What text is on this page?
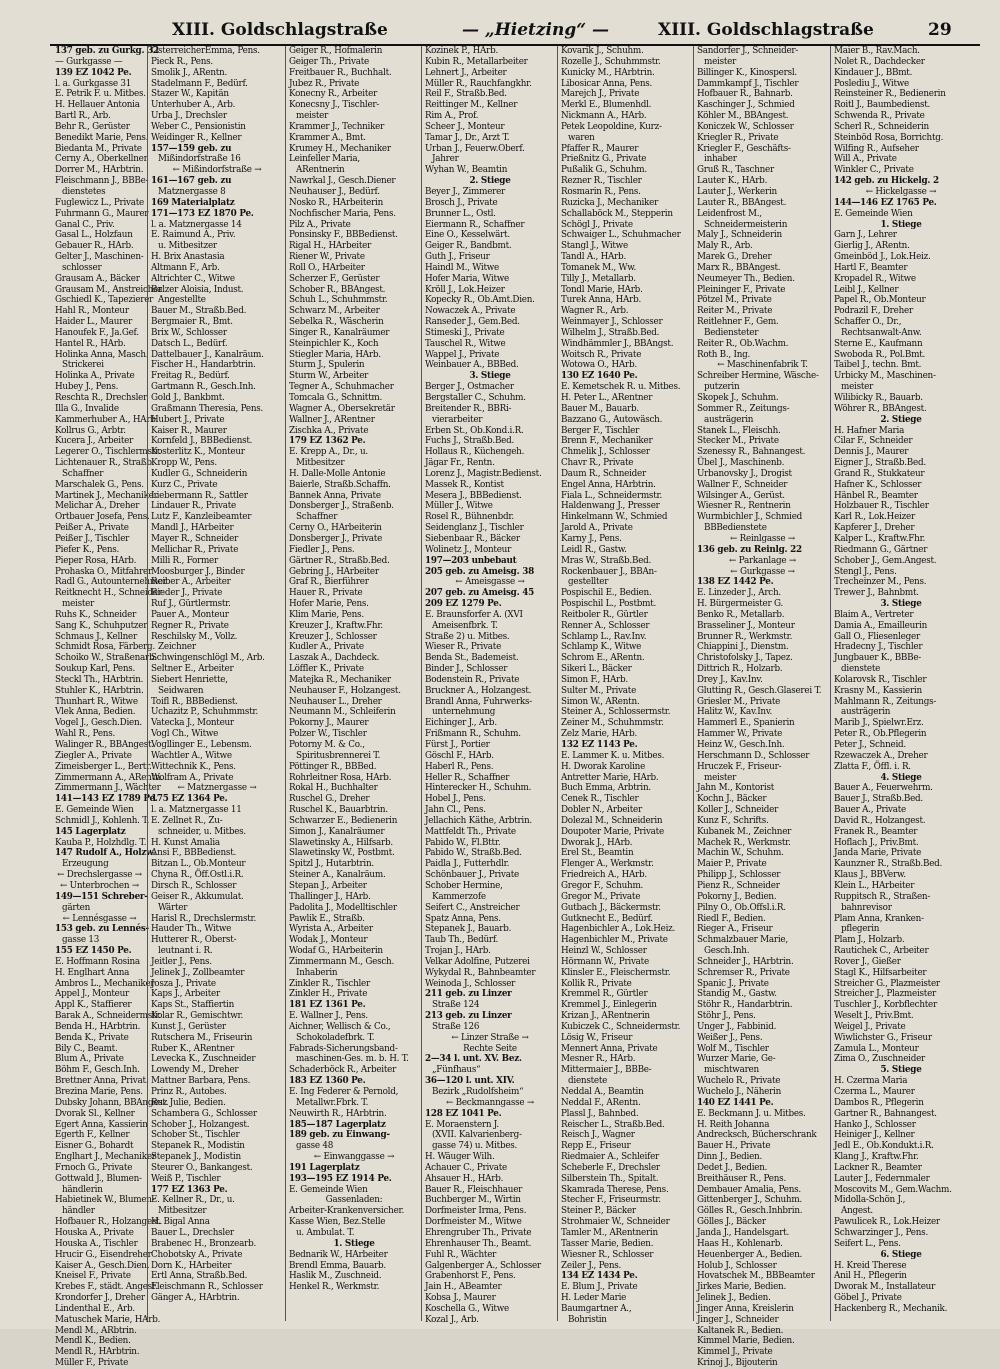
XIII. Goldschlagstraße	— „Hietzing“ —	XIII. Goldschlagstraße	29
137 geb. zu Gurkg. 32
— Gurkgasse —
139 EZ 1042 Pe.
l. a. Gurkgasse 31
E. Petrik F. u. Mitbes.
H. Hellauer Antonia
Bartl R., Arb.
Behr R., Gerüster
Benedikt Marie, Pens.
Biedanta M., Private
Cerny A., Oberkellner
Dorrer M., HArbtrin.
Fleischmann J., BBBe-
dienstetes
Fuglewicz L., Private
Fuhrmann G., Maurer
Ganal C., Priv.
Gasal L., Holzfaun
Gebauer R., HArb.
Gelter J., Maschinen-
schlosser
Grausam A., Bäcker
Grausam M., Anstreicher
Gschiedl K., Tapezierer
Hahl R., Monteur
Haider L., Maurer
Hanoufek F., Ja.Gef.
Hantel R., HArb.
Holinka Anna, Masch.
Strickerei
Holinka A., Private
Hubey J., Pens.
Reschta R., Drechsler
Illa G., Invalide
Kammerhuber A., HArb.
Kollrus G., Arbtr.
Kucera J., Arbeiter
Legerer O., Tischlermstr.
Lichtenauer R., Straßb.
Schaffner
Marschalek G., Pens.
Martinek J., Mechaniker
Melichar A., Dreher
Ortbauer Josefa, Pens.
Peißer A., Private
Peißer J., Tischler
Piefer K., Pens.
Pieper Rosa, HArb.
Prohaska O., Mitfahrer
Radl G., Autounternehmer
Reitknecht H., Schneider-
meister
Ruhs K., Schneider
Sang K., Schuhputzer
Schmaus J., Kellner
Schmidt Rosa, Färberg.
Schoiko W., Straßenarb.
Soukup Karl, Pens.
Steckl Th., HArbtrin.
Stuhler K., HArbtrin.
Thunhart R., Witwe
Vlek Anna, Bedien.
Vogel J., Gesch.Dien.
Wahl R., Pens.
Walinger R., BBAngest.
Ziegler A., Private
Zimeisberger L., Bertr.
Zimmermann A., ARentn.
Zimmermann J., Wächter
141—143 EZ 1789 Pe.
E. Gemeinde Wien
Schmidl J., Kohlenh. T.
145 Lagerplatz
Kauba P., Holzhdlg. T.
147 Rudolf A., Holzw.
Erzeugung
← Drechslergasse →
← Unterbrochen →
149—151 Schreber-
gärten
← Lennésgasse →
153 geb. zu Lennés-
gasse 13
155 EZ 1450 Pe.
E. Hoffmann Rosina
H. Englhart Anna
Ambros L., Mechaniker
Appel J., Monteur
Appl K., Staffierer
Barak A., Schneidermstr.
Benda H., HArbtrin.
Benda K., Private
Bily C., Beamt.
Blum A., Private
Böhm F., Gesch.Inh.
Brettner Anna, Privat.
Brezina Marie, Pens.
Dubsky Johann, BBAngest.
Dvorak Sl., Kellner
Egert Anna, Kassierin
Egerth F., Kellner
Eisner G., Bohardt
Englhart J., Mechaniker
Frnoch G., Private
Gottwald J., Blumen-
händlerin
Habietinek W., Blumen-
händler
Hofbauer R., Holzangest.
Houska A., Private
Houska A., Tischler
Hrucir G., Eisendreher
Kaiser A., Gesch.Dien.
Kneisel F., Private
Krebes F., städt. Angest.
Krondorfer J., Dreher
Lindenthal E., Arb.
Matuschek Marie, HArb.
Mendl M., ARbtrin.
Mendl K., Bedien.
Mendl R., HArbtrin.
Müller F., Private
ÖsterreicherEmma, Pens.
Pieck R., Pens.
Smolik J., ARentn.
Stadelmann F., Bedürf.
Stazer W., Kapitän
Unterhuber A., Arb.
Urba J., Drechsler
Weber C., Pensionistin
Weidinger R., Kellner
157—159 geb. zu
Mißindorfstraße 16
← Mißindorfstraße →
161—167 geb. zu
Matznergasse 8
169 Materialplatz
171—173 EZ 1870 Pe.
l. a. Matznergasse 14
E. Raimund A., Priv.
u. Mitbesitzer
H. Brix Anastasia
Altmann F., Arb.
Altrichter C., Witwe
Balzer Aloisia, Indust.
Angestellte
Bauer M., Straßb.Bed.
Bergmaier R., Bmt.
Brix W., Schlosser
Datsch L., Bedürf.
Dattelbauer J., Kanalräum.
Fischer H., Handarbtrin.
Freitag R., Bedürf.
Gartmann R., Gesch.Inh.
Gold J., Bankbmt.
Graßmann Theresia, Pens.
Hubert J., Private
Kaiser R., Maurer
Kornfeld J., BBBedienst.
Kosterlitz K., Monteur
Kropp W., Pens.
Kudler G., Schneiderin
Kurz C., Private
Liebermann R., Sattler
Lindauer R., Private
Lutz F., Kanzleibeamter
Mandl J., HArbeiter
Mayer R., Schneider
Mellichar R., Private
Milli R., Former
Moosburger J., Binder
Reiber A., Arbeiter
Rieder J., Private
Ruf J., Gürtlermstr.
Pauer A., Monteur
Regner R., Private
Reschilsky M., Vollz.
Zeichner
Schwingenschlögl M., Arb.
Seltner E., Arbeiter
Siebert Henriette,
Seidwaren
Toifl R., BBBedienst.
Uchazitz P., Schuhmmstr.
Vatecka J., Monteur
Vogl Ch., Witwe
Vogllinger E., Lebensm.
Wachtler A., Witwe
Wittechnik K., Pens.
Wolfram A., Private
← Matznergasse →
175 EZ 1364 Pe.
l. a. Matznergasse 11
E. Zellnet R., Zu-
schneider, u. Mitbes.
H. Kunst Amalia
Ansi F., BBBedienst.
Bitzan L., Ob.Monteur
Chyna R., Öff.Ostl.i.R.
Dirsch R., Schlosser
Geiser R., Akkumulat.
Wärter
Harisl R., Drechslermstr.
Hauder Th., Witwe
Hutterer R., Oberst-
leutnant i. R.
Jeitler J., Pens.
Jelinek J., Zollbeamter
Josza J., Private
Kaps J., Arbeiter
Kaps St., Staffiertin
Kolar R., Gemischtwr.
Kunst J., Gerüster
Rutschera M., Friseurin
Ruber K., ARentner
Levecka K., Zuschneider
Lowendy M., Dreher
Mattner Barbara, Pens.
Prinz R., Autobes.
Ruz Julie, Bedien.
Schambera G., Schlosser
Schober J., Holzangest.
Schober St., Tischler
Stepanek R., Modistin
Stepanek J., Modistin
Steurer O., Bankangest.
Weiß P., Tischler
177 EZ 1363 Pe.
E. Kellner R., Dr., u.
Mitbesitzer
H. Bigal Anna
Bauer L., Drechsler
Brabenec H., Bronzearb.
Chobotsky A., Private
Dorn K., HArbeiter
Ertl Anna, Straßb.Bed.
Fleischmann R., Schlosser
Gänger A., HArbtrin.
Geiger R., Hofmalerin
Geiger Th., Private
Freitbauer R., Buchhalt.
Jubez R., Private
Konecny R., Arbeiter
Konecsny J., Tischler-
meister
Krammer J., Techniker
Krammer A., Bmt.
Krumey H., Mechaniker
Leinfeller Maria,
ARentnerin
Nawrkal J., Gesch.Diener
Neuhauser J., Bedürf.
Nosko R., HArbeiterin
Nochfischer Maria, Pens.
Pilz A., Private
Ponsinsky F., BBBedienst.
Rigal H., HArbeiter
Riener W., Private
Roll O., HArbeiter
Scherzer F., Gerüster
Schober R., BBAngest.
Schuh L., Schuhmmstr.
Schwarz M., Arbeiter
Sebelka R., Wäscherin
Singer R., Kanalräumer
Steinpichler K., Koch
Stiegler Maria, HArb.
Sturm J., Spulerin
Sturm W., Arbeiter
Tegner A., Schuhmacher
Tomcala G., Schnittm.
Wagner A., Obersekretär
Wallner J., ARentner
Zischka A., Private
179 EZ 1362 Pe.
E. Krepp A., Dr., u.
Mitbesitzer
H. Dalle-Molle Antonie
Baierle, Straßb.Schaffn.
Bannek Anna, Private
Donsberger J., Straßenb.
Schaffner
Cerny O., HArbeiterin
Donsberger J., Private
Fiedler J., Pens.
Gärtner R., Straßb.Bed.
Gebring J., HArbeiter
Graf R., Bierführer
Hauer R., Private
Hofer Marie, Pens.
Klim Marie, Pens.
Kreuzer J., Kraftw.Fhr.
Kreuzer J., Schlosser
Kudler A., Private
Laszak A., Dachdeck.
Löffler K., Private
Matejka R., Mechaniker
Neuhauser F., Holzangest.
Neuhauser L., Dreher
Neumann M., Schleiferin
Pokorny J., Maurer
Polzer W., Tischler
Potorny M. & Co.,
Spiritusbrennerei T.
Pöttinger R., BBBed.
Rohrleitner Rosa, HArb.
Rokal H., Buchhalter
Ruschel G., Dreher
Ruschel K., Bauarbtrin.
Schwarzer E., Bedienerin
Simon J., Kanalräumer
Slawetinsky A., Hilfsarb.
Slawetinsky W., Postbmt.
Spitzl J., Hutarbtrin.
Steiner A., Kanalräum.
Stepan J., Arbeiter
Thallinger J., HArb.
Padolita J., Modelltischler
Pawlik E., Straßb.
Wyrista A., Arbeiter
Wodak J., Monteur
Wodaf G., HArbeiterin
Zimmermann M., Gesch.
Inhaberin
Zinkler R., Tischler
Zinkler H., Private
181 EZ 1361 Pe.
E. Wallner J., Pens.
Aichner, Wellisch & Co.,
Schokoladefbrk. T.
Fabrads-Sicherungsband-
maschinen-Ges. m. b. H. T.
Schaderböck R., Arbeiter
183 EZ 1360 Pe.
E. Ing Federer & Pernold,
Metallwr.Fbrk. T.
Neuwirth R., HArbtrin.
185—187 Lagerplatz
189 geb. zu Einwang-
gasse 48
← Einwanggasse →
191 Lagerplatz
193—195 EZ 1914 Pe.
E. Gemeinde Wien
Gassenladen:
Arbeiter-Krankenversicher.
Kasse Wien, Bez.Stelle
u. Ambulat. T.
1. Stiege
Bednarik W., HArbeiter
Brendl Emma, Bauarb.
Haslik M., Zuschneid.
Henkel R., Werkmstr.
Kozinek P., HArb.
Kubin R., Metallarbeiter
Lehnert J., Arbeiter
Müller R., Rauchfangkhr.
Reil F., Straßb.Bed.
Reittinger M., Kellner
Rim A., Prof.
Scheer J., Monteur
Tamar J., Dr., Arzt T.
Urban J., Feuerw.Oberf.
Jahrer
Wyhan W., Beamtin
2. Stiege
Beyer J., Zimmerer
Brosch J., Private
Brunner L., Ostl.
Eiermann R., Schaffner
Eine O., Kesselwärt.
Geiger R., Bandbmt.
Guth J., Friseur
Haindl M., Witwe
Hofer Maria, Witwe
Kröll J., Lok.Heizer
Kopecky R., Ob.Amt.Dien.
Nowaczek A., Private
Ranseder J., Gem.Bed.
Stimeski J., Private
Tauschel R., Witwe
Wappel J., Private
Weinbauer A., BBBed.
3. Stiege
Berger J., Ostmacher
Bergstaller C., Schuhm.
Breitender R., BBRi-
vierarbeiter
Erben St., Ob.Kond.i.R.
Fuchs J., Straßb.Bed.
Hollaus R., Küchengeh.
Jägar Fr., Rentn.
Lorenz J., Magistr.Bedienst.
Massek R., Kontist
Mesera J., BBBedienst.
Müller J., Witwe
Rosel R., Bühnenbdr.
Seidenglanz J., Tischler
Siebenbaar R., Bäcker
Wolinetz J., Monteur
197—203 unbebaut
205 geb. zu Ameisg. 38
← Ameisgasse →
207 geb. zu Ameisg. 45
209 EZ 1279 Pe.
E. Braunsforfer A. (XVI
Ameisenfbrk. T.
Straße 2) u. Mitbes.
Wieser R., Private
Benda St., Bademeist.
Binder J., Schlosser
Bodenstein R., Private
Bruckner A., Holzangest.
Brandl Anna, Fuhrwerks-
unternehmung
Eichinger J., Arb.
Frißmann R., Schuhm.
Fürst J., Portier
Göschl F., HArb.
Haberl R., Pens.
Heller R., Schaffner
Hinterecker H., Schuhm.
Hobel J., Pens.
Jahn Cl., Pens.
Jellachich Käthe, Arbtrin.
Mattfeldt Th., Private
Pabido W., Fl.Bttr.
Pabido W., Straßb.Bed.
Paidla J., Futterhdlr.
Schönbauer J., Private
Schober Hermine,
Kammerzofe
Seifert C., Anstreicher
Spatz Anna, Pens.
Stepanek J., Bauarb.
Taub Th., Bedürf.
Trojan J., HArb.
Velkar Adolfine, Putzerei
Wykydal R., Bahnbeamter
Weinoda J., Schlosser
211 geb. zu Linzer
Straße 124
213 geb. zu Linzer
Straße 126
← Linzer Straße →
Rechte Seite
2—34 l. unt. XV. Bez.
„Fünfhaus“
36—120 l. unt. XIV.
Bezirk „Rudolfsheim“
← Beckmanngasse →
128 EZ 1041 Pe.
E. Moraenstern J.
(XVII. Kalvarienberg-
gasse 74) u. Mitbes.
H. Wäuger Wilh.
Achauer C., Private
Ahsauer H., HArb.
Bauer R., Fleischhauer
Buchberger M., Wirtin
Dorfmeister Irma, Pens.
Dorfmeister M., Witwe
Ehrengruber Th., Private
Ehrenhauser Th., Beamt.
Fuhl R., Wächter
Galgenberger A., Schlosser
Grabenhorst F., Pens.
Jain H., ABeamter
Kobsa J., Maurer
Koschella G., Witwe
Kozal J., Arb.
Kovarik J., Schuhm.
Rozelle J., Schuhmmstr.
Kunicky M., HArbtrin.
Libosicar Anna, Pens.
Marejch J., Private
Merkl E., Blumenhdl.
Nickmann A., HArb.
Petek Leopoldine, Kurz-
waren
Pfaffer R., Maurer
Prießnitz G., Private
Pußalik G., Schuhm.
Rezner R., Tischler
Rosmarin R., Pens.
Ruzicka J., Mechaniker
Schallaböck M., Stepperin
Schögl J., Private
Schwaiger L., Schuhmacher
Stangl J., Witwe
Tandl A., HArb.
Tomanek M., Ww.
Tilly J., Metallarb.
Tondl Marie, HArb.
Turek Anna, HArb.
Wagner R., Arb.
Weinmayer J., Schlosser
Wilhelm J., Straßb.Bed.
Windhämmler J., BBAngst.
Woitsch R., Private
Wotowa O., HArb.
130 EZ 1640 Pe.
E. Kemetschek R. u. Mitbes.
H. Peter L., ARentner
Bauer M., Bauarb.
Bazzano G., Autowäsch.
Berger F., Tischler
Brenn F., Mechaniker
Chmelik J., Schlosser
Chavr R., Private
Daum R., Schneider
Engel Anna, HArbtrin.
Fiala L., Schneidermstr.
Haldenwang J., Presser
Hinkelmann W., Schmied
Jarold A., Private
Karny J., Pens.
Leidl R., Gastw.
Mras W., Straßb.Bed.
Rockenbauer J., BBAn-
gestellter
Pospischil E., Bedien.
Pospischil L., Postbmt.
Reitboler R., Gürtler
Renner A., Schlosser
Schlamp L., Rav.Inv.
Schlamp K., Witwe
Schrom E., ARentn.
Sikeri L., Bäcker
Simon F., HArb.
Sulter M., Private
Simon W., ARentn.
Steiner A., Schlossermstr.
Zeiner M., Schuhmmstr.
Zelz Marie, HArb.
132 EZ 1143 Pe.
E. Lammer K. u. Mitbes.
H. Dworak Karoline
Antretter Marie, HArb.
Buch Emma, Arbtrin.
Cenek R., Tischler
Dobler N., Arbeiter
Dolezal M., Schneiderin
Doupoter Marie, Private
Dworak J., HArb.
Erel St., Beamtin
Flenger A., Werkmstr.
Friedreich A., HArb.
Gregor F., Schuhm.
Gregor M., Private
Gutbach J., Bäckermstr.
Gutknecht E., Bedürf.
Hagenbichler A., Lok.Heiz.
Hagenbichler M., Private
Heinzl W., Schlosser
Hörmann W., Private
Klinsler E., Fleischermstr.
Kollik R., Private
Kremmel R., Gürtler
Kremmel J., Einlegerin
Krizan J., ARentnerin
Kubiczek C., Schneidermstr.
Lösig W., Friseur
Mennert Anna, Private
Mesner R., HArb.
Mittermaier J., BBBe-
dienstete
Neddal A., Beamtin
Neddal F., ARentn.
Plassl J., Bahnbed.
Reischer L., Straßb.Bed.
Reisch J., Wagner
Repp E., Friseur
Riedmaier A., Schleifer
Scheberle F., Drechsler
Silberstein Th., Spitalt.
Skamrada Therese, Pens.
Stecher F., Friseurmstr.
Steiner P., Bäcker
Strohmaier W., Schneider
Tamler M., ARentnerin
Tasser Marie, Bedien.
Wiesner R., Schlosser
Zeiler J., Pens.
134 EZ 1434 Pe.
E. Blum J., Private
H. Leder Marie
Baumgartner A.,
Bohristin
Sandorfer J., Schneider-
meister
Billinger K., Kinospersl.
Dammkampf J., Tischler
Hofbauer R., Bahnarb.
Kaschinger J., Schmied
Köhler M., BBAngest.
Koniczek W., Schlosser
Kriegler R., Private
Kriegler F., Geschäfts-
inhaber
Gruß R., Taschner
Lauter K., HArb.
Lauter J., Werkerin
Lauter R., BBAngest.
Leidenfrost M.,
Schneidermeisterin
Maly J., Schneiderin
Maly R., Arb.
Marek G., Dreher
Marx R., BBAngest.
Neumeyer Th., Bedien.
Pleininger F., Private
Pötzel M., Private
Reiter M., Private
Reitlehner F., Gem.
Bediensteter
Reiter R., Ob.Wachm.
Roth B., Ing.
← Maschinenfabrik T.
Schreiber Hermine, Wäsche-
putzerin
Skopek J., Schuhm.
Sommer R., Zeitungs-
austrägerin
Stanek L., Fleischh.
Stecker M., Private
Szenessy R., Bahnangest.
Übel J., Maschinenb.
Urbanovsky J., Drogist
Wallner F., Schneider
Wilsinger A., Gerüst.
Wiesner R., Rentnerin
Wurmbichler J., Schmied
BBBedienstete
← Reinlgasse →
136 geb. zu Reinlg. 22
← Parkanlage →
← Gurkgasse →
138 EZ 1442 Pe.
E. Linzeder J., Arch.
H. Bürgermeister G.
Benko R., Metallarb.
Brasseliner J., Monteur
Brunner R., Werkmstr.
Chiappini J., Dienstm.
Christofolsky J., Tapez.
Dittrich R., Holzarb.
Drey J., Kav.Inv.
Glutting R., Gesch.Glaserei T.
Griesler M., Private
Halitz W., Kav.Inv.
Hammerl E., Spanierin
Hammer W., Private
Heinz W., Gesch.Inh.
Herschmann D., Schlosser
Hruczek F., Friseur-
meister
Jahn M., Kontorist
Kochn J., Bäcker
Koller J., Schneider
Kunz F., Schrifts.
Kubanek M., Zeichner
Machek R., Werkmstr.
Machin W., Schuhm.
Maier P., Private
Philipp J., Schlosser
Pienz R., Schneider
Pokorny J., Bedien.
Pilny O., Ob.Offsl.i.R.
Riedl F., Bedien.
Rieger A., Friseur
Schmalzbauer Marie,
Gesch.Inh.
Schneider J., HArbtrin.
Schremser R., Private
Spanic J., Private
Standig M., Gastw.
Stöhr R., Handarbtrin.
Stöhr J., Pens.
Unger J., Fabbinid.
Weißer J., Pens.
Wolf M., Tischler
Wurzer Marie, Ge-
mischtwaren
Wuchelo R., Private
Wuchelo J., Näherin
140 EZ 1441 Pe.
E. Beckmann J. u. Mitbes.
H. Reith Johanna
Andrecksch, Bücherschrank
Bauer H., Private
Dinn J., Bedien.
Dedet J., Bedien.
Breithäuser R., Pens.
Dembauer Amalia, Pens.
Gittenberger J., Schuhm.
Gölles R., Gesch.Inhbrin.
Gölles J., Bäcker
Janda J., Handelsgart.
Haas H., Kohlenarb.
Heuenberger A., Bedien.
Holub J., Schlosser
Hovatschek M., BBBeamter
Jirkes Marie, Bedien.
Jelinek J., Bedien.
Jinger Anna, Kreislerin
Jinger J., Schneider
Kaltanek R., Bedien.
Kimmel Marie, Bedien.
Kimmel J., Private
Krinoj J., Bijouterin
Maier B., Rav.Mach.
Nolet R., Dachdecker
Kindauer J., BBmt.
Poslediu J., Witwe
Reinsteiner R., Bedienerin
Roitl J., Baumbedienst.
Schwenda R., Private
Scherl R., Schneiderin
Steinböd Rosa, Borrichtg.
Wilfing R., Aufseher
Will A., Private
Winkler C., Private
142 geb. zu Hickelg. 2
← Hickelgasse →
144—146 EZ 1765 Pe.
E. Gemeinde Wien
1. Stiege
Garn J., Lehrer
Gierlig J., ARentn.
Gmeinböd J., Lok.Heiz.
Hartl F., Beamter
Kropadel R., Witwe
Leibl J., Kellner
Papel R., Ob.Monteur
Podrazil F., Dreher
Schaffer O., Dr.,
Rechtsanwalt-Anw.
Sterne E., Kaufmann
Swoboda R., Pol.Bmt.
Taibel J., techn. Bmt.
Urbicky M., Maschinen-
meister
Wilibicky R., Bauarb.
Wöhrer R., BBAngest.
2. Stiege
H. Hafner Maria
Cilar F., Schneider
Dennis J., Maurer
Eigner J., Straßb.Bed.
Grand R., Stukkateur
Hafner K., Schlosser
Hänbel R., Beamter
Holzbauer R., Tischler
Karl R., Lok.Heizer
Kapferer J., Dreher
Kalper L., Kraftw.Fhr.
Riedmann G., Gärtner
Schober J., Gem.Angest.
Stengl J., Pens.
Trecheinzer M., Pens.
Trewer J., Bahnbmt.
3. Stiege
Blaim A., Vertreter
Damia A., Emailleurin
Gall O., Fliesenleger
Hradecny J., Tischler
Jungbauer K., BBBe-
dienstete
Kolarovsk R., Tischler
Krasny M., Kassierin
Mahlmann R., Zeitungs-
austrägerin
Marib J., Spielwr.Erz.
Peter R., Ob.Pflegerin
Peter J., Schneid.
Rzewaczek A., Dreher
Zlatta F., Öffl. i. R.
4. Stiege
Bauer A., Feuerwehrm.
Bauer J., Straßb.Bed.
Bauer A., Private
David R., Holzangest.
Franek R., Beamter
Hoflach J., Priv.Bmt.
Janda Marie, Private
Kaunzner R., Straßb.Bed.
Klaus J., BBVerw.
Klein L., HArbeiter
Ruppitsch R., Straßen-
bahnrevisor
Plam Anna, Kranken-
pflegerin
Plam J., Holzarb.
Rautichek C., Arbeiter
Rover J., Gießer
Stagl K., Hilfsarbeiter
Streicher G., Plazmeister
Streicher J., Plazmeister
Tuschler J., Korbflechter
Weselt J., Priv.Bmt.
Weigel J., Private
Wiwlichster G., Friseur
Zamula L., Monteur
Zima O., Zuschneider
5. Stiege
H. Czerma Maria
Czerma L., Maurer
Dambos R., Pflegerin
Gartner R., Bahnangest.
Hanko J., Schlosser
Heiniger J., Kellner
Jedl E., Ob.Kondukt.i.R.
Klang J., Kraftw.Fhr.
Lackner R., Beamter
Lauter J., Federnmaler
Moscovits M., Gem.Wachm.
Midolla-Schön J.,
Angest.
Pawulicek R., Lok.Heizer
Schwarzinger J., Pens.
Seifert L., Pens.
6. Stiege
H. Kreid Therese
Anil H., Pflegerin
Dworak M., Installateur
Göbel J., Private
Hackenberg R., Mechanik.
